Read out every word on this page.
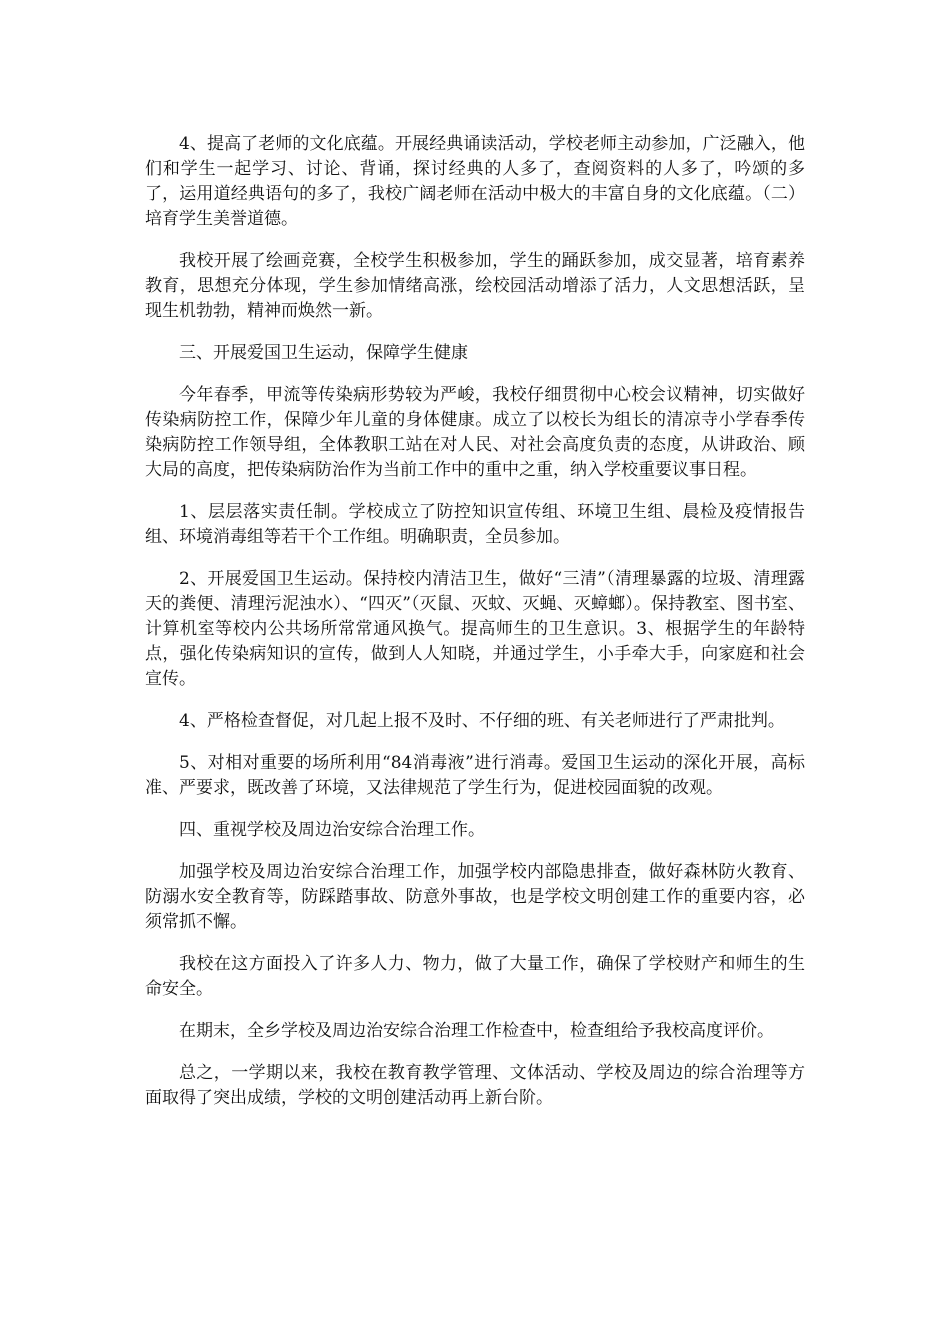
4、提高了老师的文化底蕴。开展经典诵读活动，学校老师主动参加，广泛融入，他们和学生一起学习、讨论、背诵，探讨经典的人多了，查阅资料的人多了，吟颂的多了，运用道经典语句的多了，我校广阔老师在活动中极大的丰富自身的文化底蕴。（二）培育学生美誉道德。

我校开展了绘画竞赛，全校学生积极参加，学生的踊跃参加，成交显著，培育素养教育，思想充分体现，学生参加情绪高涨，绘校园活动增添了活力，人文思想活跃，呈现生机勃勃，精神而焕然一新。

三、开展爱国卫生运动，保障学生健康

今年春季，甲流等传染病形势较为严峻，我校仔细贯彻中心校会议精神，切实做好传染病防控工作，保障少年儿童的身体健康。成立了以校长为组长的清凉寺小学春季传染病防控工作领导组，全体教职工站在对人民、对社会高度负责的态度，从讲政治、顾大局的高度，把传染病防治作为当前工作中的重中之重，纳入学校重要议事日程。

1、层层落实责任制。学校成立了防控知识宣传组、环境卫生组、晨检及疫情报告组、环境消毒组等若干个工作组。明确职责，全员参加。

2、开展爱国卫生运动。保持校内清洁卫生，做好“三清”（清理暴露的垃圾、清理露天的粪便、清理污泥浊水）、“四灭”（灭鼠、灭蚊、灭蝇、灭蟑螂）。保持教室、图书室、计算机室等校内公共场所常常通风换气。提高师生的卫生意识。3、根据学生的年龄特点，强化传染病知识的宣传，做到人人知晓，并通过学生，小手牵大手，向家庭和社会宣传。

4、严格检查督促，对几起上报不及时、不仔细的班、有关老师进行了严肃批判。

5、对相对重要的场所利用“84消毒液”进行消毒。爱国卫生运动的深化开展，高标准、严要求，既改善了环境，又法律规范了学生行为，促进校园面貌的改观。

四、重视学校及周边治安综合治理工作。

加强学校及周边治安综合治理工作，加强学校内部隐患排查，做好森林防火教育、防溺水安全教育等，防踩踏事故、防意外事故，也是学校文明创建工作的重要内容，必须常抓不懈。

我校在这方面投入了许多人力、物力，做了大量工作，确保了学校财产和师生的生命安全。

在期末，全乡学校及周边治安综合治理工作检查中，检查组给予我校高度评价。

总之，一学期以来，我校在教育教学管理、文体活动、学校及周边的综合治理等方面取得了突出成绩，学校的文明创建活动再上新台阶。
